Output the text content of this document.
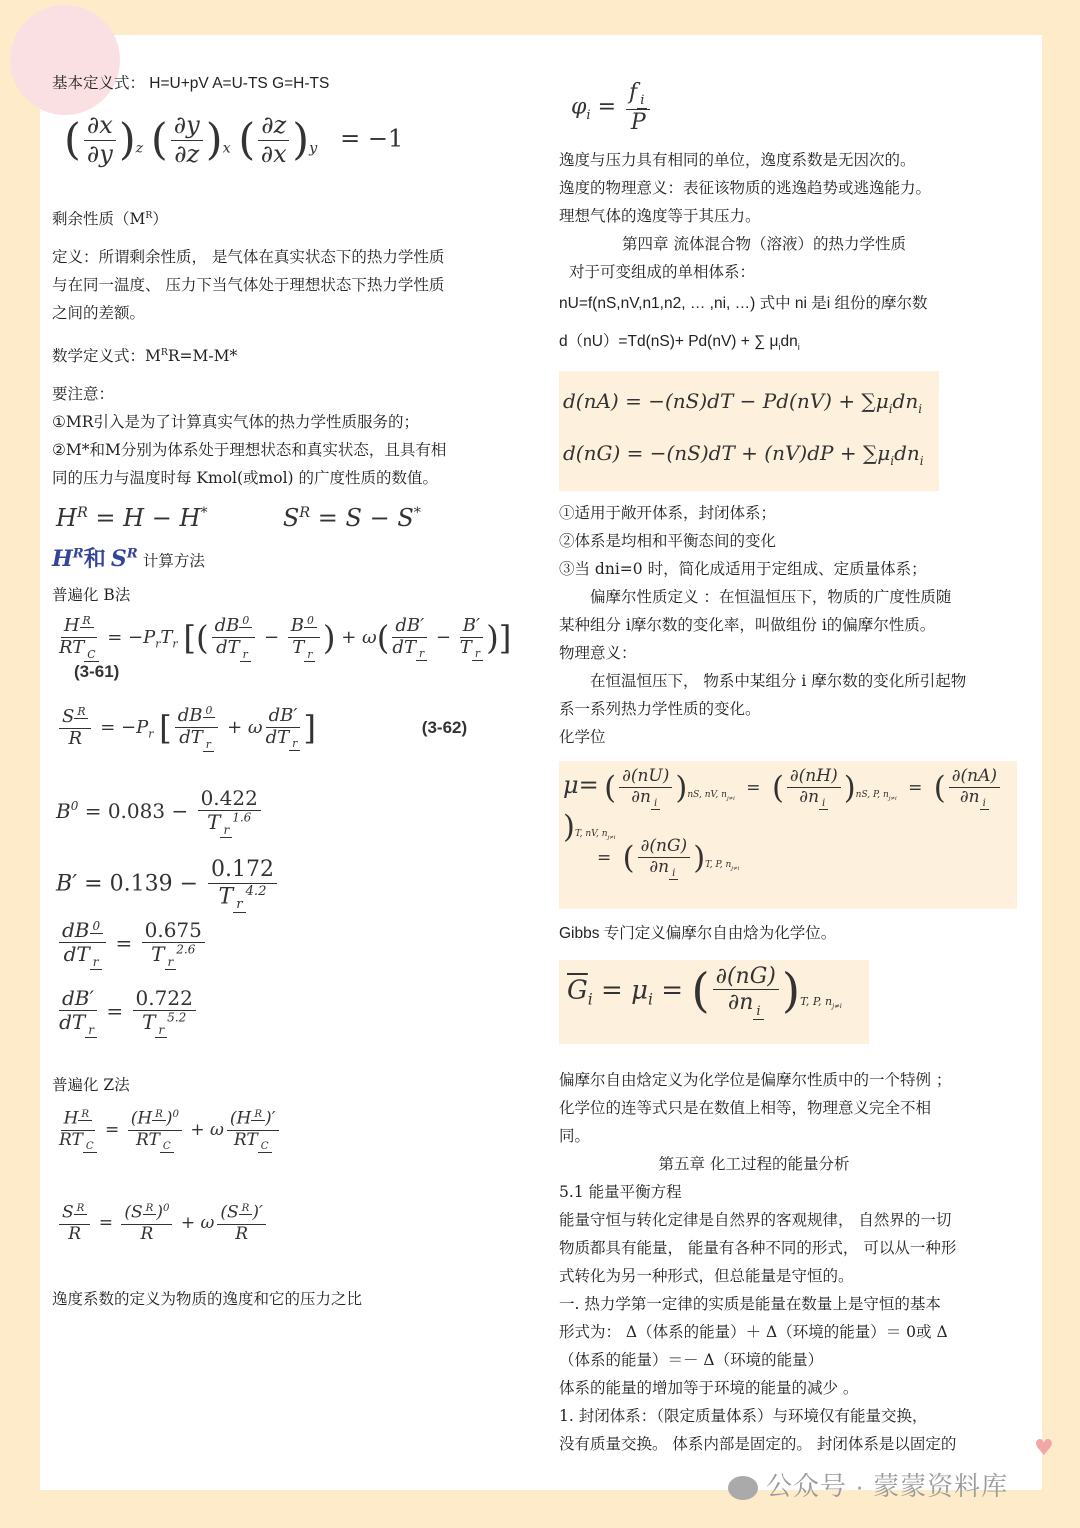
基本定义式： H=U+pV A=U-TS G=H-TS

( $\frac{\partial x}{\partial y} )_z$ ( $\frac{\partial y}{\partial z} )_x$ ( $\frac{\partial z}{\partial x} )_y = -1$

剩余性质$(M^R)$

定义：所谓剩余性质， 是气体在真实状态下的热力学性质

与在同一温度、 压力下当气体处于理想状态下热力学性质

之间的差额。

数学定义式：$M^RR=M-M*$

要注意：

①MR引入是为了计算真实气体的热力学性质服务的；

②M*和M分别为体系处于理想状态和真实状态，且具有相

同的压力与温度时每 Kmol(或mol) 的广度性质的数值。

$H^R = H - H^*$	$S^R = S - S^*$
$H^R$和 $S^R$ 计算方法

普遍化 B法

$\frac{H ^R}{RT _C} = -P_rT_r$ [( $\frac{dB ^0}{dT _r} - \frac{B ^0}{T _r}$ ) + $\omega( \frac{dB'}{dT _r} - \frac{B'}{T _r}$ )] (3-61)
$\frac{S ^R}{R} = -P_r$ [ $\frac{dB ^0}{dT _r} + \omega \frac{dB'}{dT _r}$ ]	(3-62)
$B^0 = 0.083 - \frac{0.422}{T _r^{1.6}}$
$B' = 0.139 - \frac{0.172}{T _r^{4.2}}$
$\frac{dB ^0}{dT _r} = \frac{0.675}{T _r^{2.6}}$
$\frac{dB'}{dT _r} = \frac{0.722}{T _r^{5.2}}$

普遍化 Z法

$\frac{H ^R}{RT _C} = \frac{(H ^R )^0}{RT _C} + \omega \frac{(H ^R )'}{RT _C}$
$\frac{S ^R}{R} = \frac{(S ^R )^0}{R} + \omega \frac{(S ^R )'}{R}$

逸度系数的定义为物质的逸度和它的压力之比

$\varphi_i = \frac{f _i}{P}$

逸度与压力具有相同的单位，逸度系数是无因次的。

逸度的物理意义：表征该物质的逃逸趋势或逃逸能力。

理想气体的逸度等于其压力。

第四章 流体混合物（溶液）的热力学性质

对于可变组成的单相体系：

nU=f(nS,nV,n1,n2, … ,ni, …) 式中 ni 是i 组份的摩尔数

d（nU）=Td(nS)+ Pd(nV) + ∑ $\mu_idn_i$

$d(nA) = -(nS)dT - Pd(nV) + \sum\mu_idn_i$
$d(nG) = -(nS)dT + (nV)dP + \sum\mu_idn_i$

①适用于敞开体系，封闭体系；

②体系是均相和平衡态间的变化

③当 dni=0 时，简化成适用于定组成、定质量体系；

偏摩尔性质定义 ：在恒温恒压下，物质的广度性质随

某种组分 i摩尔数的变化率，叫做组份 i的偏摩尔性质。

物理意义：

在恒温恒压下， 物系中某组分 i 摩尔数的变化所引起物

系一系列热力学性质的变化。

化学位

μ= ( $\frac{\partial(nU)}{\partial n _i} )_{nS, nV, n_{j\ne i}}$ = ( $\frac{\partial(nH)}{\partial n _i} )_{nS, P, n_{j\ne i}}$ = ( $\frac{\partial(nA)}{\partial n _i}$
)$_{T, nV, n_{j\ne i}}$
= ( $\frac{\partial(nG)}{\partial n _i} )_{T, P, n_{j\ne i}}$

Gibbs 专门定义偏摩尔自由焓为化学位。

$\overline{G}_i = \mu_i$ = ( $\frac{\partial(nG)}{\partial n _i} )_{T, P, n_{j\ne i}}$

偏摩尔自由焓定义为化学位是偏摩尔性质中的一个特例 ；

化学位的连等式只是在数值上相等，物理意义完全不相

同。

第五章 化工过程的能量分析

5.1 能量平衡方程

能量守恒与转化定律是自然界的客观规律， 自然界的一切

物质都具有能量， 能量有各种不同的形式， 可以从一种形

式转化为另一种形式，但总能量是守恒的。

一. 热力学第一定律的实质是能量在数量上是守恒的基本

形式为： Δ（体系的能量）＋ Δ（环境的能量）＝ 0或 Δ

（体系的能量）＝－ Δ（环境的能量）

体系的能量的增加等于环境的能量的减少 。

1. 封闭体系：（限定质量体系）与环境仅有能量交换，

没有质量交换。 体系内部是固定的。 封闭体系是以固定的	♥
公众号 · 蒙蒙资料库
